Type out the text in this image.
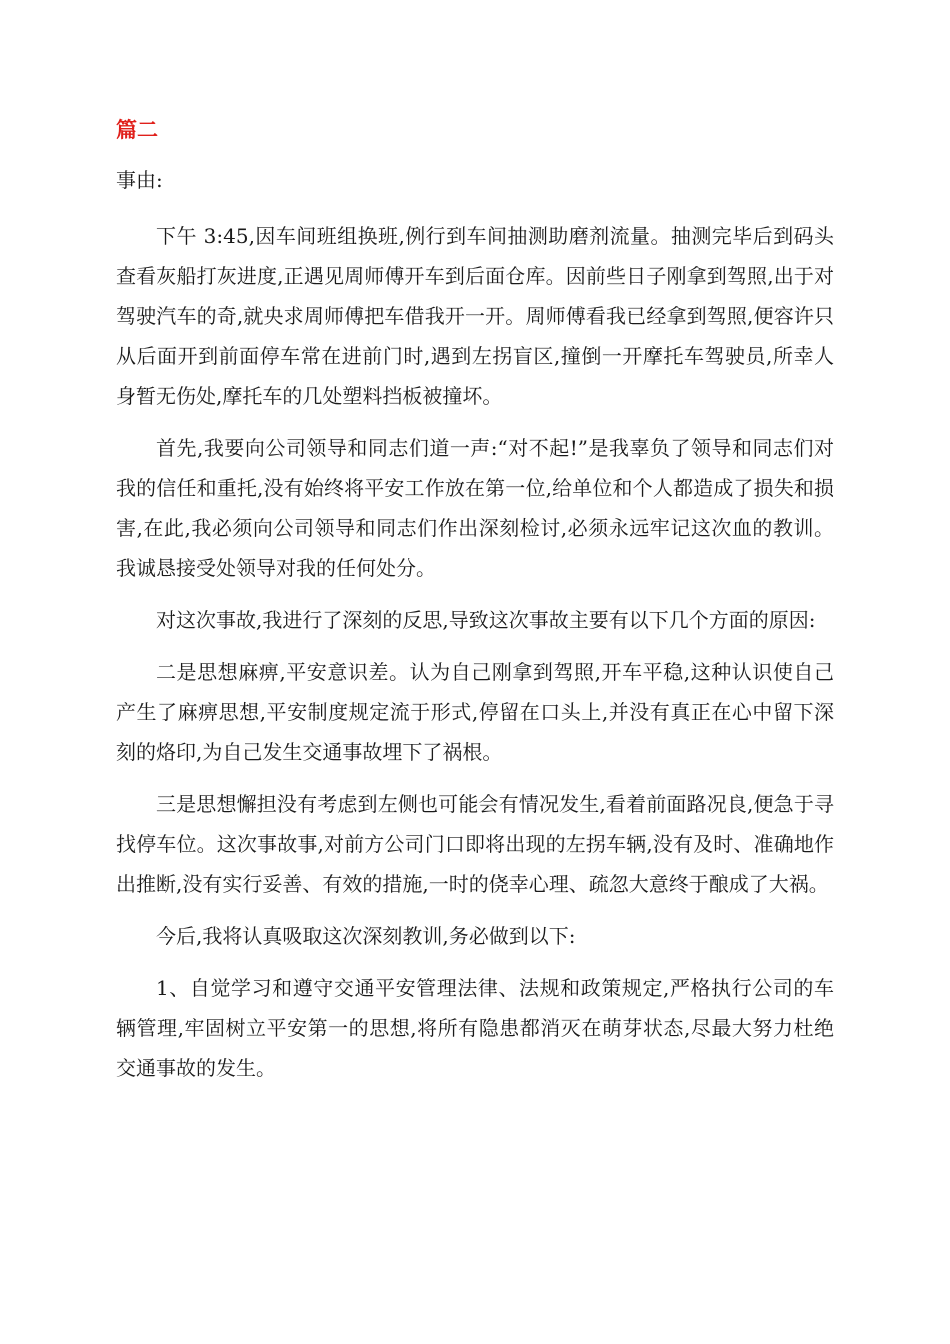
篇二
事由:

下午 3:45,因车间班组换班,例行到车间抽测助磨剂流量。抽测完毕后到码头查看灰船打灰进度,正遇见周师傅开车到后面仓库。因前些日子刚拿到驾照,出于对驾驶汽车的奇,就央求周师傅把车借我开一开。周师傅看我已经拿到驾照,便容许只从后面开到前面停车常在进前门时,遇到左拐盲区,撞倒一开摩托车驾驶员,所幸人身暂无伤处,摩托车的几处塑料挡板被撞坏。

首先,我要向公司领导和同志们道一声:“对不起!”是我辜负了领导和同志们对我的信任和重托,没有始终将平安工作放在第一位,给单位和个人都造成了损失和损害,在此,我必须向公司领导和同志们作出深刻检讨,必须永远牢记这次血的教训。我诚恳接受处领导对我的任何处分。

对这次事故,我进行了深刻的反思,导致这次事故主要有以下几个方面的原因:

二是思想麻痹,平安意识差。认为自己刚拿到驾照,开车平稳,这种认识使自己产生了麻痹思想,平安制度规定流于形式,停留在口头上,并没有真正在心中留下深刻的烙印,为自己发生交通事故埋下了祸根。

三是思想懈担没有考虑到左侧也可能会有情况发生,看着前面路况良,便急于寻找停车位。这次事故事,对前方公司门口即将出现的左拐车辆,没有及时、准确地作出推断,没有实行妥善、有效的措施,一时的侥幸心理、疏忽大意终于酿成了大祸。

今后,我将认真吸取这次深刻教训,务必做到以下:

1、自觉学习和遵守交通平安管理法律、法规和政策规定,严格执行公司的车辆管理,牢固树立平安第一的思想,将所有隐患都消灭在萌芽状态,尽最大努力杜绝交通事故的发生。
